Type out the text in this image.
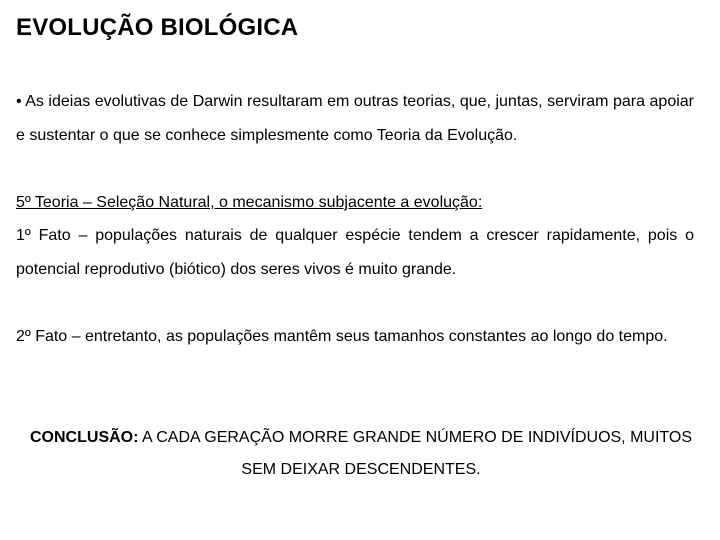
EVOLUÇÃO BIOLÓGICA
• As ideias evolutivas de Darwin resultaram em outras teorias, que, juntas, serviram para apoiar e sustentar o que se conhece simplesmente como Teoria da Evolução.
5º Teoria – Seleção Natural, o mecanismo subjacente a evolução:
1º Fato – populações naturais de qualquer espécie tendem a crescer rapidamente, pois o potencial reprodutivo (biótico) dos seres vivos é muito grande.
2º Fato – entretanto, as populações mantêm seus tamanhos constantes ao longo do tempo.
CONCLUSÃO: A CADA GERAÇÃO MORRE GRANDE NÚMERO DE INDIVÍDUOS, MUITOS SEM DEIXAR DESCENDENTES.
